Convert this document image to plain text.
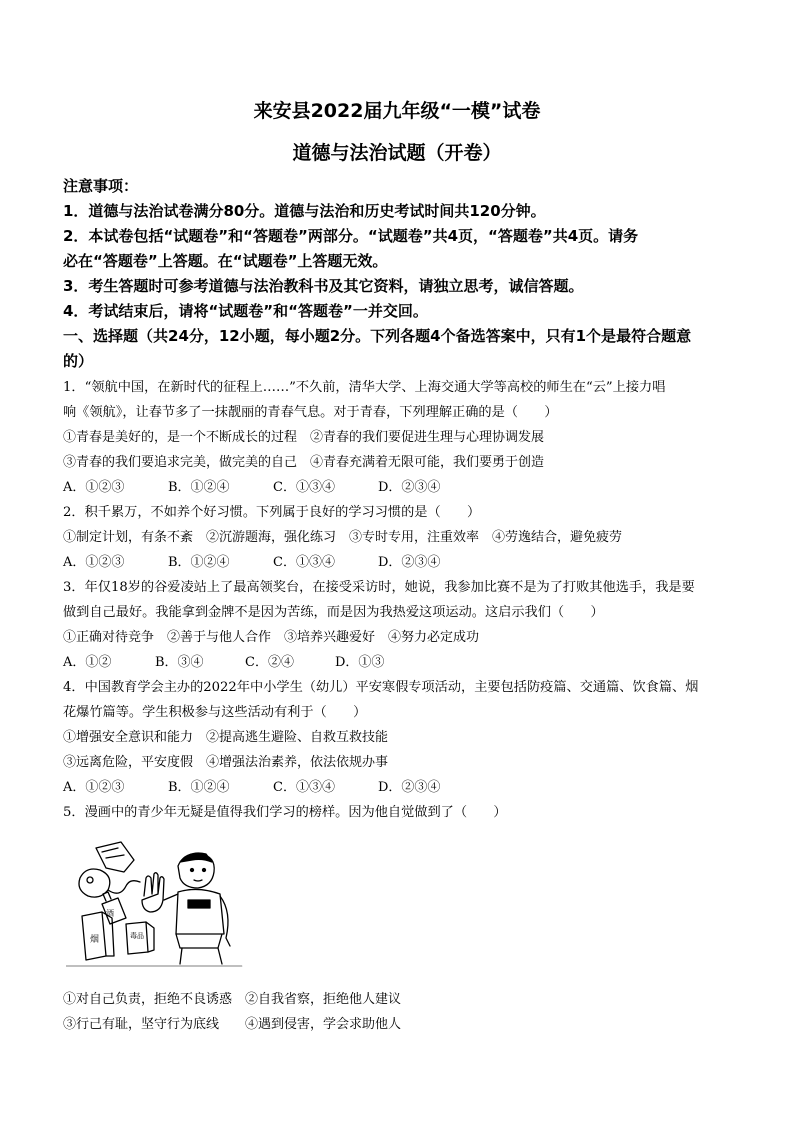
来安县2022届九年级“一模”试卷
道德与法治试题（开卷）
注意事项：
1．道德与法治试卷满分80分。道德与法治和历史考试时间共120分钟。
2．本试卷包括“试题卷”和“答题卷”两部分。“试题卷”共4页，“答题卷”共4页。请务
必在“答题卷”上答题。在“试题卷”上答题无效。
3．考生答题时可参考道德与法治教科书及其它资料，请独立思考，诚信答题。
4．考试结束后，请将“试题卷”和“答题卷”一并交回。
一、选择题（共24分，12小题，每小题2分。下列各题4个备选答案中，只有1个是最符合题意
的）
1．“领航中国，在新时代的征程上……”不久前，清华大学、上海交通大学等高校的师生在“云”上接力唱
响《领航》，让春节多了一抹靓丽的青春气息。对于青春，下列理解正确的是（　　）
①青春是美好的，是一个不断成长的过程　②青春的我们要促进生理与心理协调发展
③青春的我们要追求完美，做完美的自己　④青春充满着无限可能，我们要勇于创造
A．①②③	B．①②④	C．①③④	D．②③④
2．积千累万，不如养个好习惯。下列属于良好的学习习惯的是（　　）
①制定计划，有条不紊　②沉游题海，强化练习　③专时专用，注重效率　④劳逸结合，避免疲劳
A．①②③	B．①②④	C．①③④	D．②③④
3．年仅18岁的谷爱凌站上了最高领奖台，在接受采访时，她说，我参加比赛不是为了打败其他选手，我是要
做到自己最好。我能拿到金牌不是因为苦练，而是因为我热爱这项运动。这启示我们（　　）
①正确对待竞争　②善于与他人合作　③培养兴趣爱好　④努力必定成功
A．①②	B．③④	C．②④	D．①③
4．中国教育学会主办的2022年中小学生（幼儿）平安寒假专项活动，主要包括防疫篇、交通篇、饮食篇、烟
花爆竹篇等。学生积极参与这些活动有利于（　　）
①增强安全意识和能力　②提高逃生避险、自救互救技能
③远离危险，平安度假　④增强法治素养，依法依规办事
A．①②③	B．①②④	C．①③④	D．②③④
5．漫画中的青少年无疑是值得我们学习的榜样。因为他自觉做到了（　　）
酒
烟	毒品
①对自己负责，拒绝不良诱惑　②自我省察，拒绝他人建议
③行己有耻，坚守行为底线　　④遇到侵害，学会求助他人
